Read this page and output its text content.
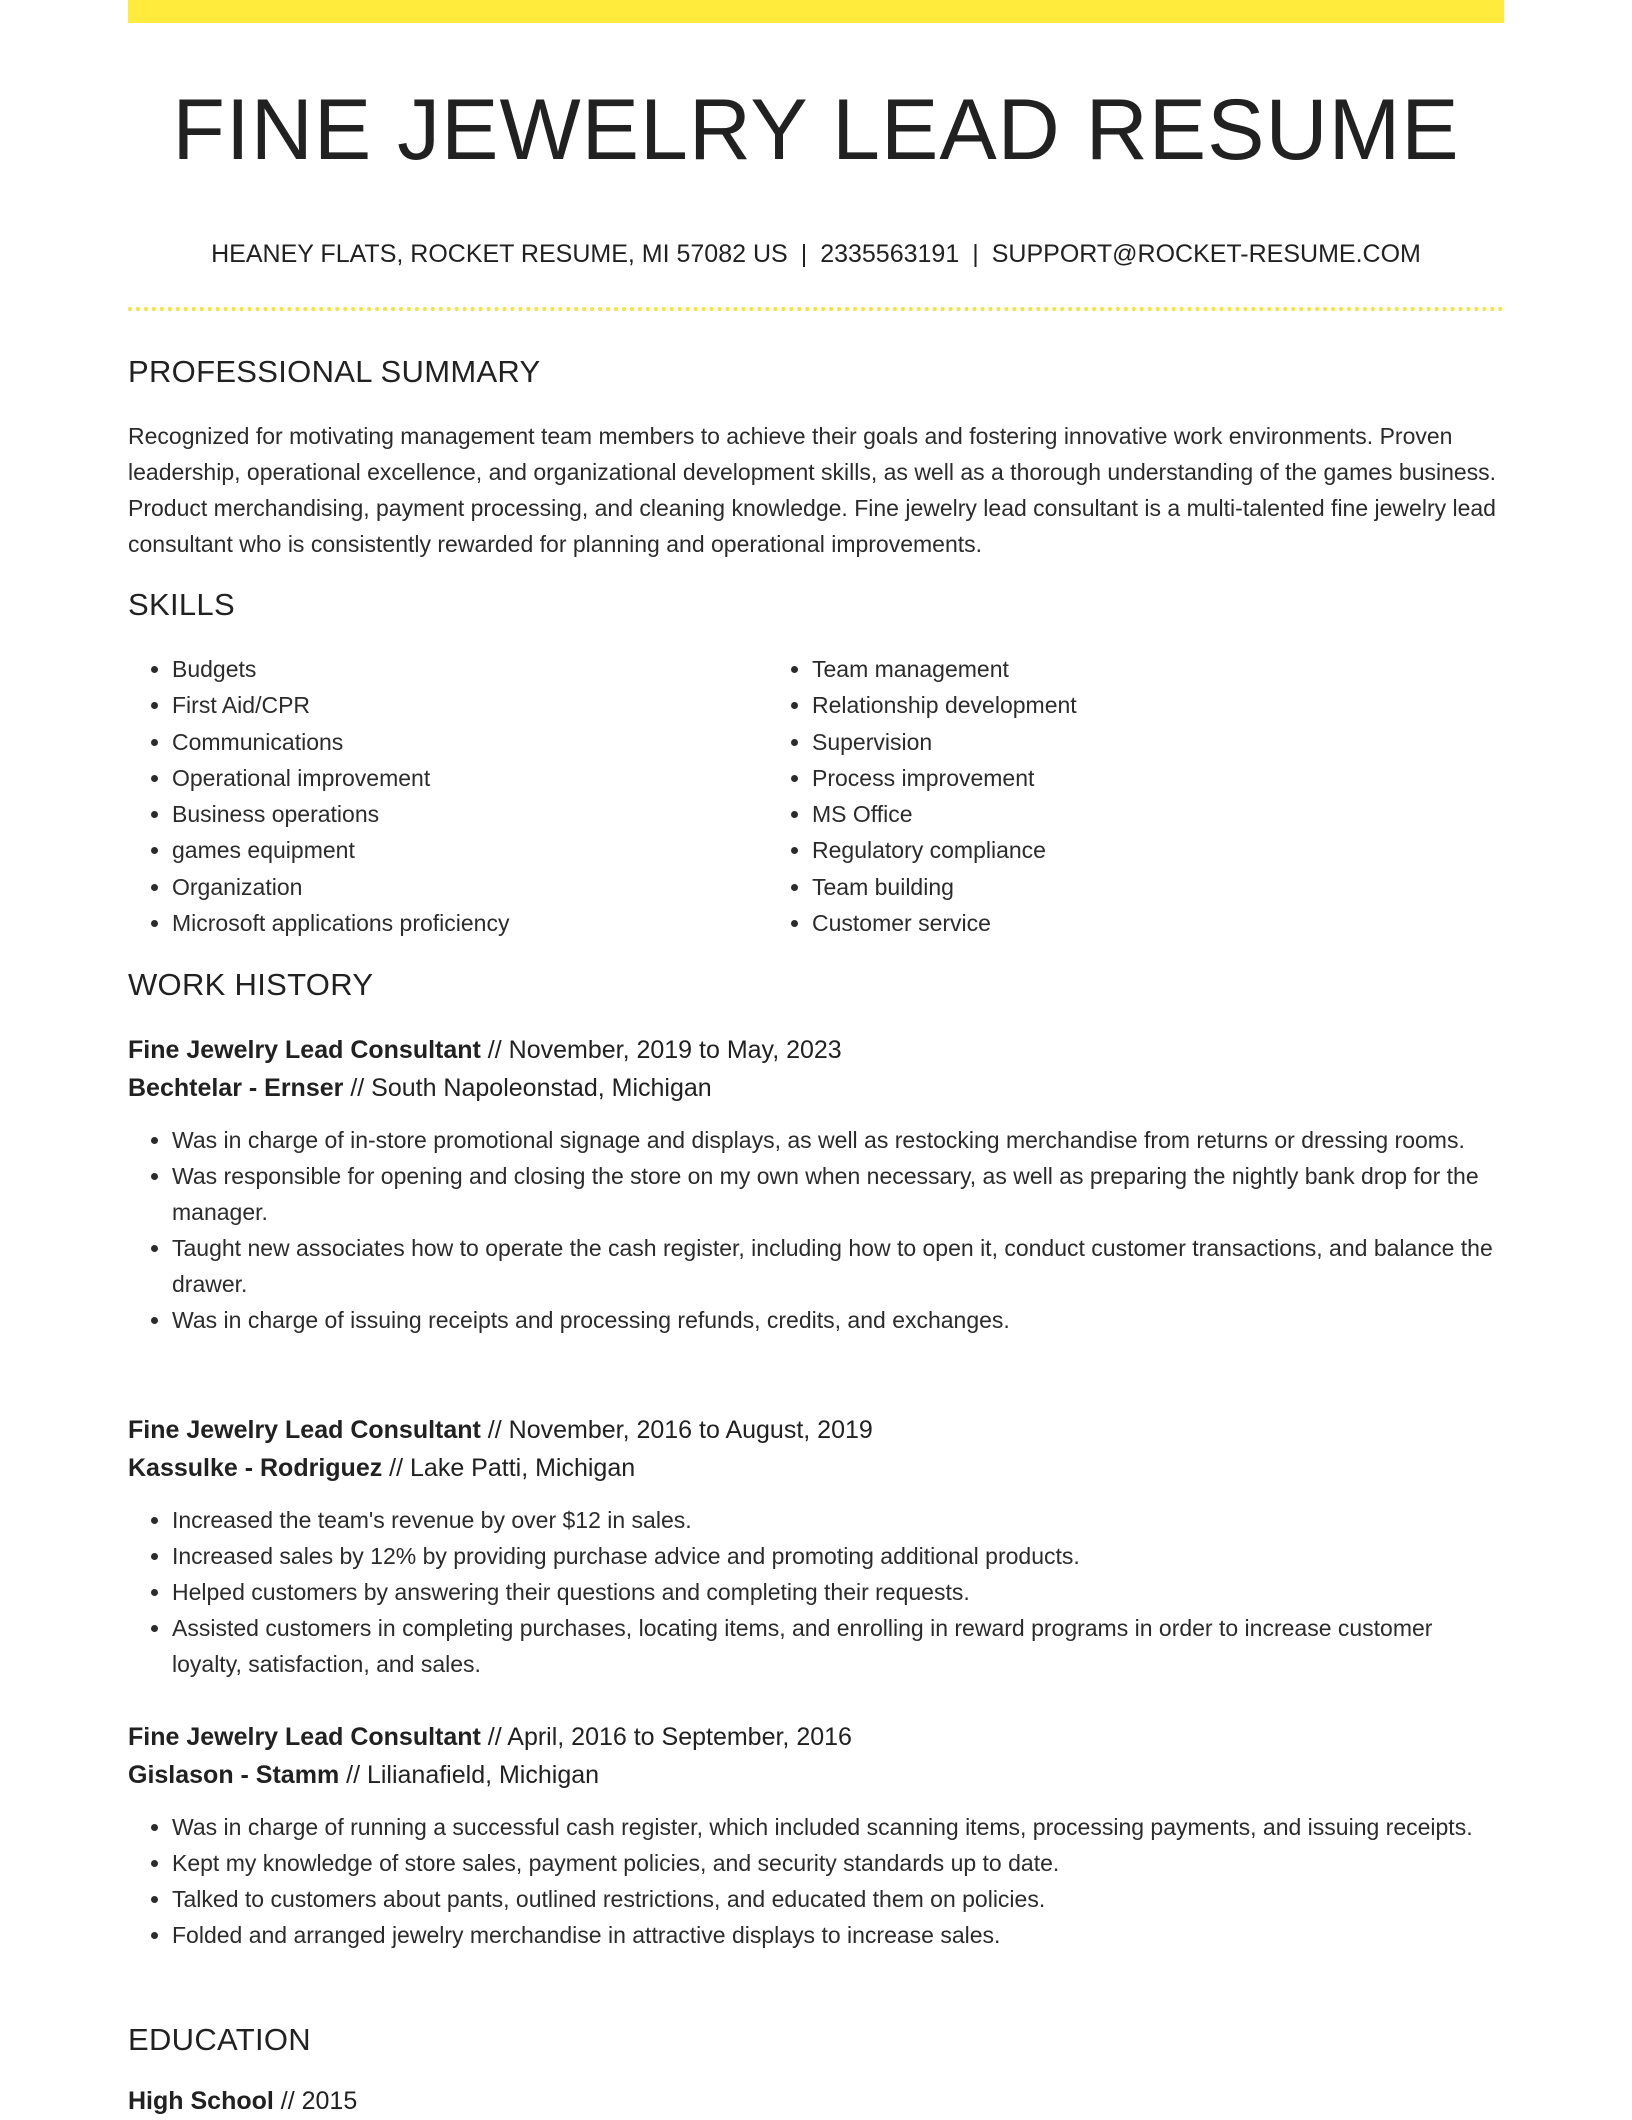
FINE JEWELRY LEAD RESUME
HEANEY FLATS, ROCKET RESUME, MI 57082 US | 2335563191 | SUPPORT@ROCKET-RESUME.COM
PROFESSIONAL SUMMARY

Recognized for motivating management team members to achieve their goals and fostering innovative work environments. Proven leadership, operational excellence, and organizational development skills, as well as a thorough understanding of the games business. Product merchandising, payment processing, and cleaning knowledge. Fine jewelry lead consultant is a multi-talented fine jewelry lead consultant who is consistently rewarded for planning and operational improvements.

SKILLS
• Budgets
• First Aid/CPR
• Communications
• Operational improvement
• Business operations
• games equipment
• Organization
• Microsoft applications proficiency
• Team management
• Relationship development
• Supervision
• Process improvement
• MS Office
• Regulatory compliance
• Team building
• Customer service
WORK HISTORY
Fine Jewelry Lead Consultant // November, 2019 to May, 2023
Bechtelar - Ernser // South Napoleonstad, Michigan
• Was in charge of in-store promotional signage and displays, as well as restocking merchandise from returns or dressing rooms.
• Was responsible for opening and closing the store on my own when necessary, as well as preparing the nightly bank drop for the manager.
• Taught new associates how to operate the cash register, including how to open it, conduct customer transactions, and balance the drawer.
• Was in charge of issuing receipts and processing refunds, credits, and exchanges.
Fine Jewelry Lead Consultant // November, 2016 to August, 2019
Kassulke - Rodriguez // Lake Patti, Michigan
• Increased the team's revenue by over $12 in sales.
• Increased sales by 12% by providing purchase advice and promoting additional products.
• Helped customers by answering their questions and completing their requests.
• Assisted customers in completing purchases, locating items, and enrolling in reward programs in order to increase customer loyalty, satisfaction, and sales.
Fine Jewelry Lead Consultant // April, 2016 to September, 2016
Gislason - Stamm // Lilianafield, Michigan
• Was in charge of running a successful cash register, which included scanning items, processing payments, and issuing receipts.
• Kept my knowledge of store sales, payment policies, and security standards up to date.
• Talked to customers about pants, outlined restrictions, and educated them on policies.
• Folded and arranged jewelry merchandise in attractive displays to increase sales.
EDUCATION
High School // 2015
